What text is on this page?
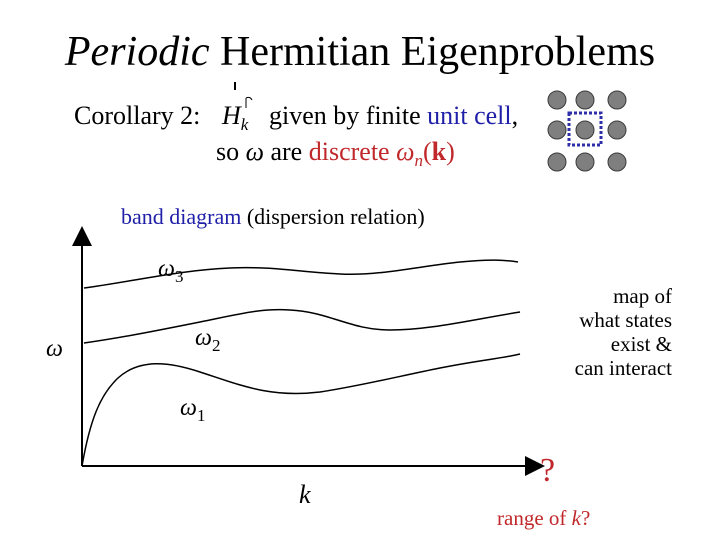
Periodic Hermitian Eigenproblems
Corollary 2: $H_k$ given by finite unit cell,
so ω are discrete $\omega_n(k)$
band diagram (dispersion relation)
$\omega_3$
$\omega_2$
$\omega_1$
ω
k
map of
what states
exist &
can interact
?
range of k?
